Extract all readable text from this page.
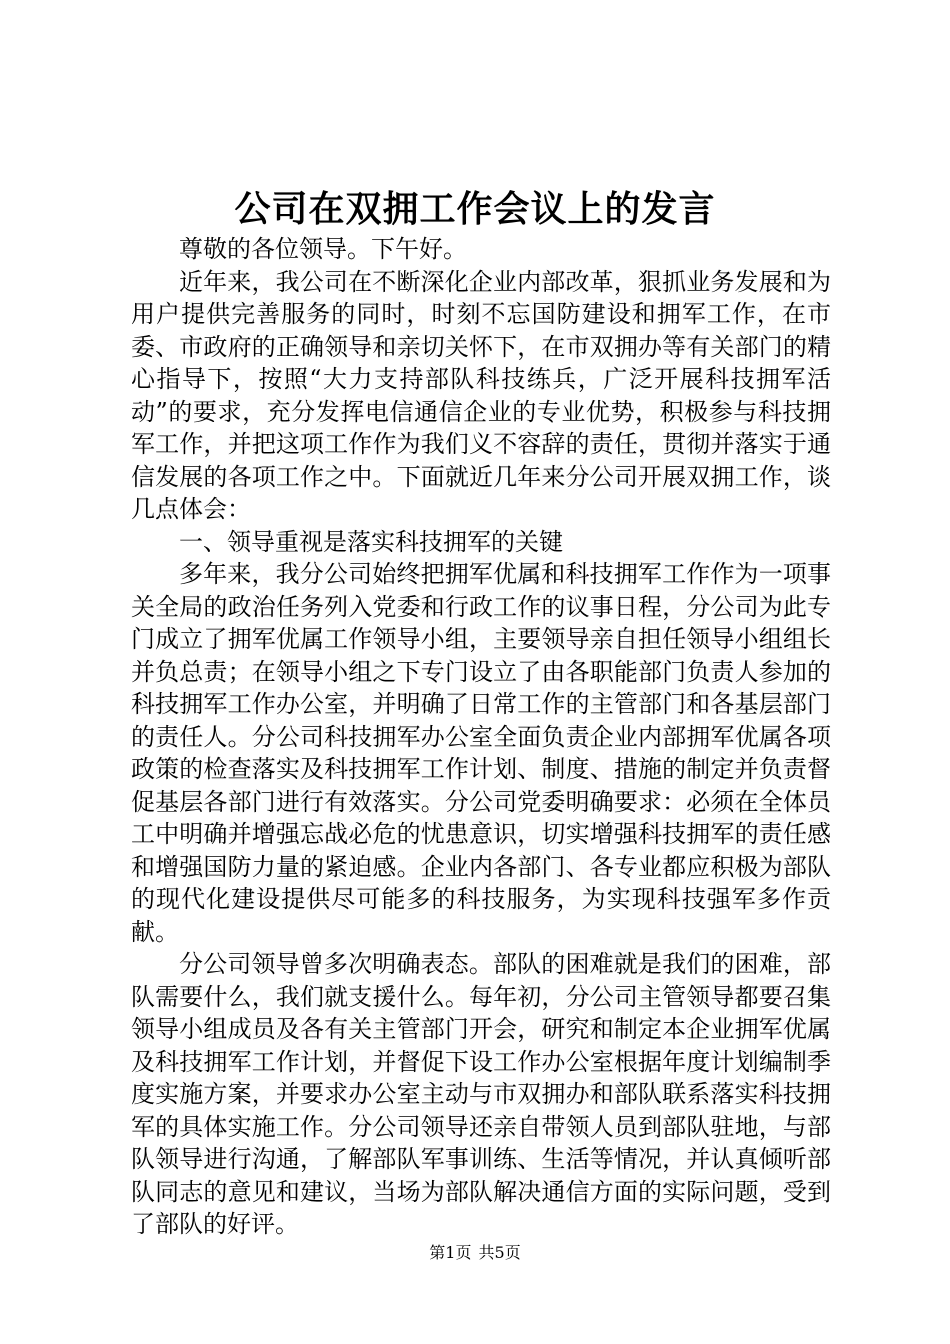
公司在双拥工作会议上的发言

尊敬的各位领导。下午好。

近年来，我公司在不断深化企业内部改革，狠抓业务发展和为用户提供完善服务的同时，时刻不忘国防建设和拥军工作，在市委、市政府的正确领导和亲切关怀下，在市双拥办等有关部门的精心指导下，按照“大力支持部队科技练兵，广泛开展科技拥军活动”的要求，充分发挥电信通信企业的专业优势，积极参与科技拥军工作，并把这项工作作为我们义不容辞的责任，贯彻并落实于通信发展的各项工作之中。下面就近几年来分公司开展双拥工作，谈几点体会：

一、领导重视是落实科技拥军的关键

多年来，我分公司始终把拥军优属和科技拥军工作作为一项事关全局的政治任务列入党委和行政工作的议事日程，分公司为此专门成立了拥军优属工作领导小组，主要领导亲自担任领导小组组长并负总责；在领导小组之下专门设立了由各职能部门负责人参加的科技拥军工作办公室，并明确了日常工作的主管部门和各基层部门的责任人。分公司科技拥军办公室全面负责企业内部拥军优属各项政策的检查落实及科技拥军工作计划、制度、措施的制定并负责督促基层各部门进行有效落实。分公司党委明确要求：必须在全体员工中明确并增强忘战必危的忧患意识，切实增强科技拥军的责任感和增强国防力量的紧迫感。企业内各部门、各专业都应积极为部队的现代化建设提供尽可能多的科技服务，为实现科技强军多作贡献。

分公司领导曾多次明确表态。部队的困难就是我们的困难，部队需要什么，我们就支援什么。每年初，分公司主管领导都要召集领导小组成员及各有关主管部门开会，研究和制定本企业拥军优属及科技拥军工作计划，并督促下设工作办公室根据年度计划编制季度实施方案，并要求办公室主动与市双拥办和部队联系落实科技拥军的具体实施工作。分公司领导还亲自带领人员到部队驻地，与部队领导进行沟通，了解部队军事训练、生活等情况，并认真倾听部队同志的意见和建议，当场为部队解决通信方面的实际问题，受到了部队的好评。

第1页 共5页
